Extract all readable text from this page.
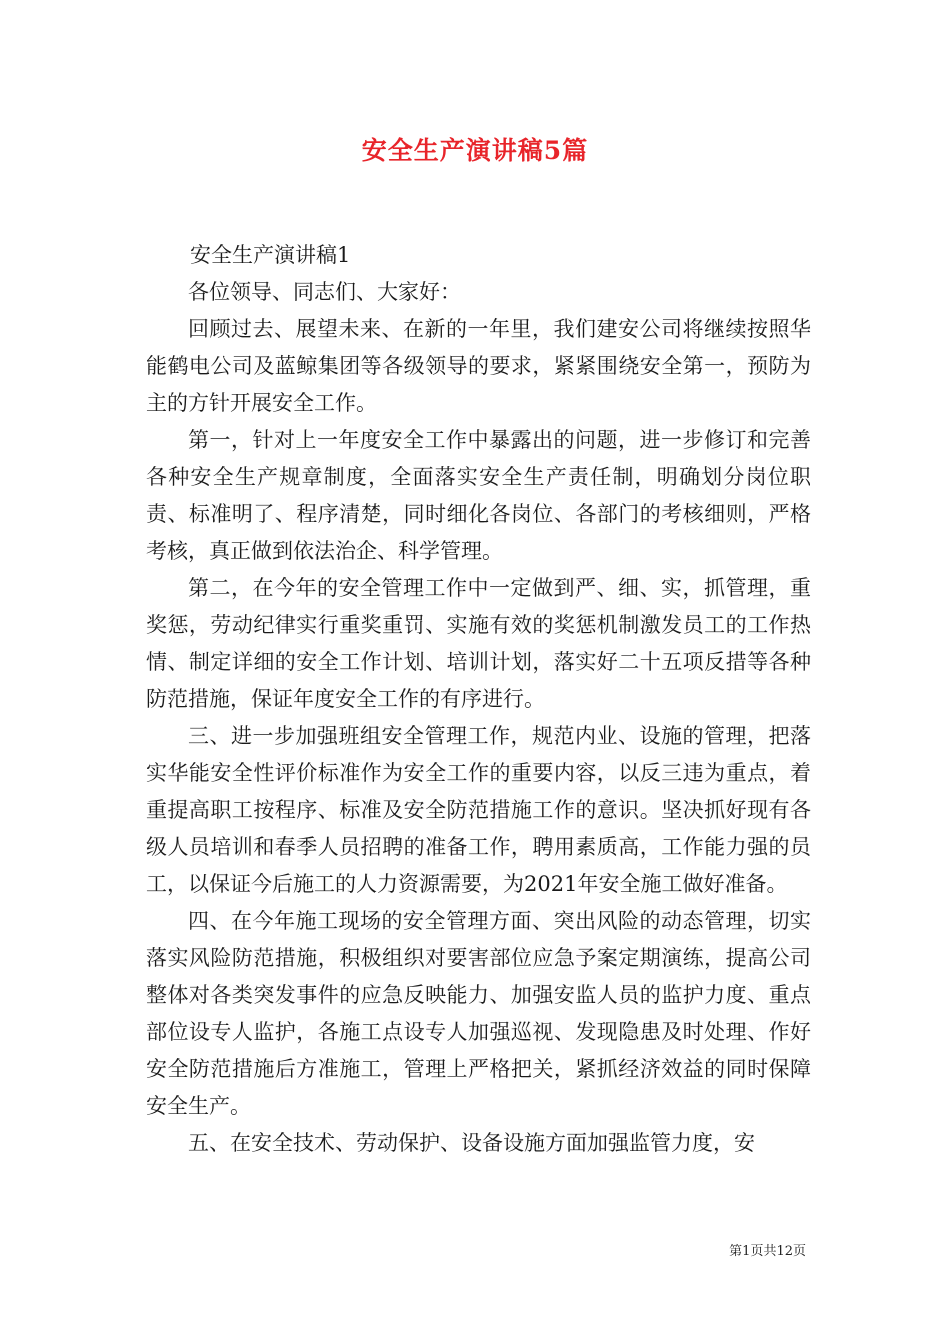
安全生产演讲稿5篇

安全生产演讲稿1

各位领导、同志们、大家好：

回顾过去、展望未来、在新的一年里，我们建安公司将继续按照华能鹤电公司及蓝鲸集团等各级领导的要求，紧紧围绕安全第一，预防为主的方针开展安全工作。

第一，针对上一年度安全工作中暴露出的问题，进一步修订和完善各种安全生产规章制度，全面落实安全生产责任制，明确划分岗位职责、标准明了、程序清楚，同时细化各岗位、各部门的考核细则，严格考核，真正做到依法治企、科学管理。

第二，在今年的安全管理工作中一定做到严、细、实，抓管理，重奖惩，劳动纪律实行重奖重罚、实施有效的奖惩机制激发员工的工作热情、制定详细的安全工作计划、培训计划，落实好二十五项反措等各种防范措施，保证年度安全工作的有序进行。

三、进一步加强班组安全管理工作，规范内业、设施的管理，把落实华能安全性评价标准作为安全工作的重要内容，以反三违为重点，着重提高职工按程序、标准及安全防范措施工作的意识。坚决抓好现有各级人员培训和春季人员招聘的准备工作，聘用素质高，工作能力强的员工，以保证今后施工的人力资源需要，为2021年安全施工做好准备。

四、在今年施工现场的安全管理方面、突出风险的动态管理，切实落实风险防范措施，积极组织对要害部位应急予案定期演练，提高公司整体对各类突发事件的应急反映能力、加强安监人员的监护力度、重点部位设专人监护，各施工点设专人加强巡视、发现隐患及时处理、作好安全防范措施后方准施工，管理上严格把关，紧抓经济效益的同时保障安全生产。

五、在安全技术、劳动保护、设备设施方面加强监管力度，安

第1页共12页
